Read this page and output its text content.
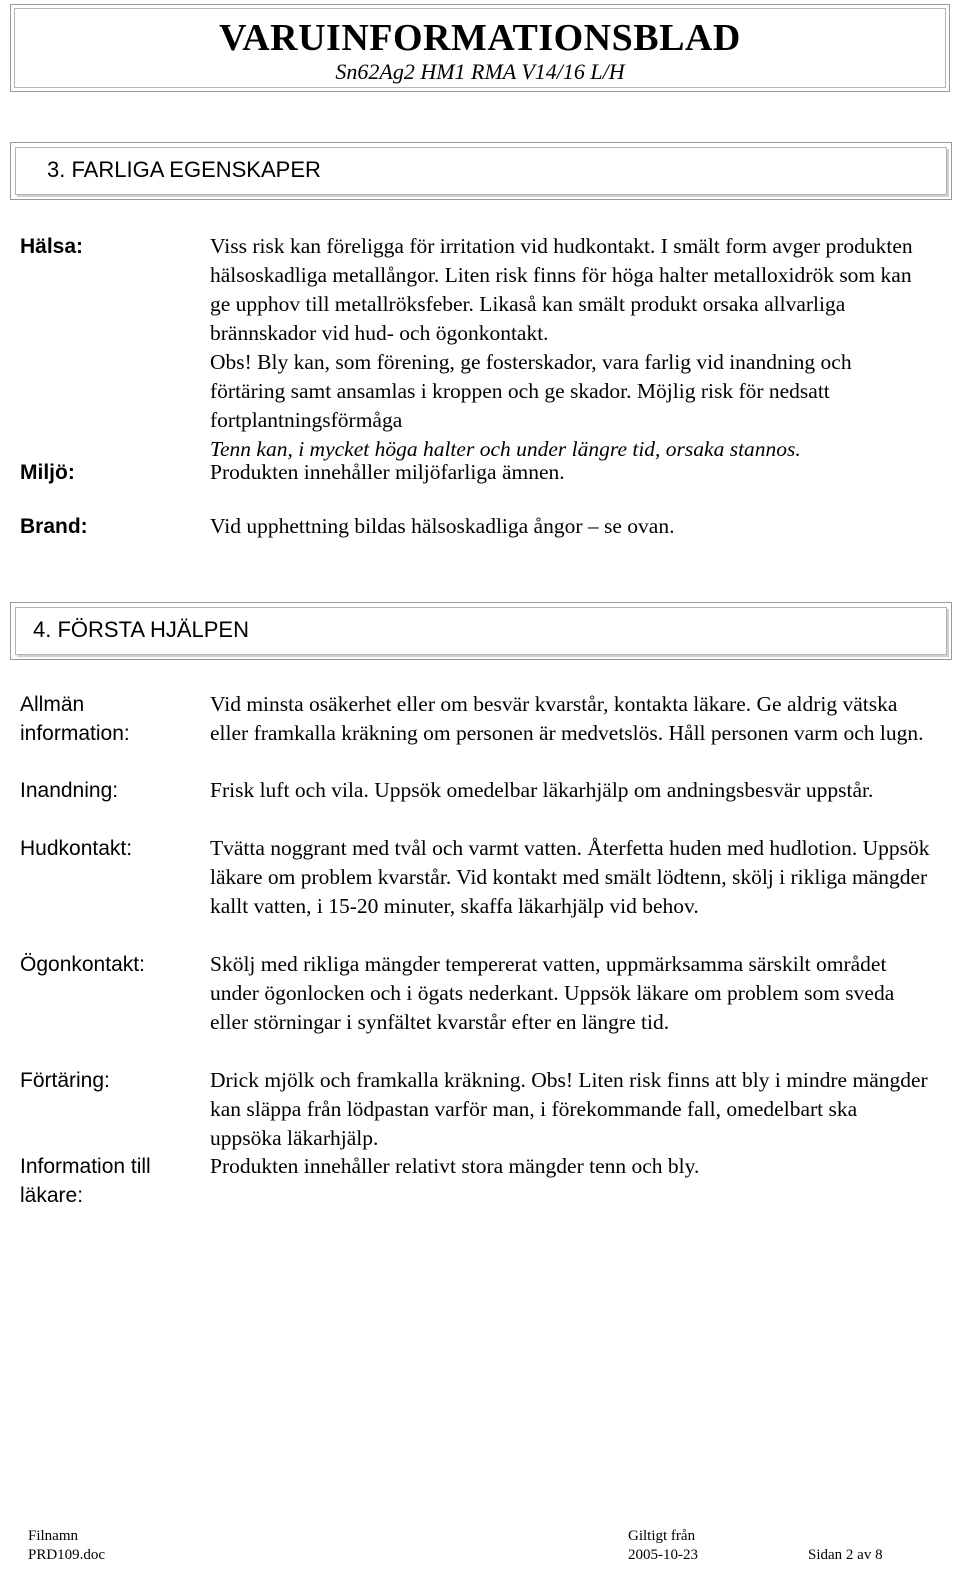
VARUINFORMATIONSBLAD
Sn62Ag2 HM1 RMA V14/16 L/H
3. FARLIGA EGENSKAPER
Hälsa:	Viss risk kan föreligga för irritation vid hudkontakt. I smält form avger produkten hälsoskadliga metallångor. Liten risk finns för höga halter metalloxidrök som kan ge upphov till metallröksfeber. Likaså kan smält produkt orsaka allvarliga brännskador vid hud- och ögonkontakt.

Obs! Bly kan, som förening, ge fosterskador, vara farlig vid inandning och förtäring samt ansamlas i kroppen och ge skador. Möjlig risk för nedsatt fortplantningsförmåga

Tenn kan, i mycket höga halter och under längre tid, orsaka stannos.

Miljö:	Produkten innehåller miljöfarliga ämnen.
Brand:	Vid upphettning bildas hälsoskadliga ångor – se ovan.
4. FÖRSTA HJÄLPEN
Allmän information:
Vid minsta osäkerhet eller om besvär kvarstår, kontakta läkare. Ge aldrig vätska eller framkalla kräkning om personen är medvetslös. Håll personen varm och lugn.
Inandning:	Frisk luft och vila. Uppsök omedelbar läkarhjälp om andningsbesvär uppstår.
Hudkontakt:	Tvätta noggrant med tvål och varmt vatten. Återfetta huden med hudlotion. Uppsök läkare om problem kvarstår. Vid kontakt med smält lödtenn, skölj i rikliga mängder kallt vatten, i 15-20 minuter, skaffa läkarhjälp vid behov.
Ögonkontakt:	Skölj med rikliga mängder tempererat vatten, uppmärksamma särskilt området under ögonlocken och i ögats nederkant. Uppsök läkare om problem som sveda eller störningar i synfältet kvarstår efter en längre tid.
Förtäring:	Drick mjölk och framkalla kräkning. Obs! Liten risk finns att bly i mindre mängder kan släppa från lödpastan varför man, i förekommande fall, omedelbart ska uppsöka läkarhjälp.
Information till läkare:
Produkten innehåller relativt stora mängder tenn och bly.
Filnamn
PRD109.doc
Giltigt från
2005-10-23	Sidan 2 av 8
